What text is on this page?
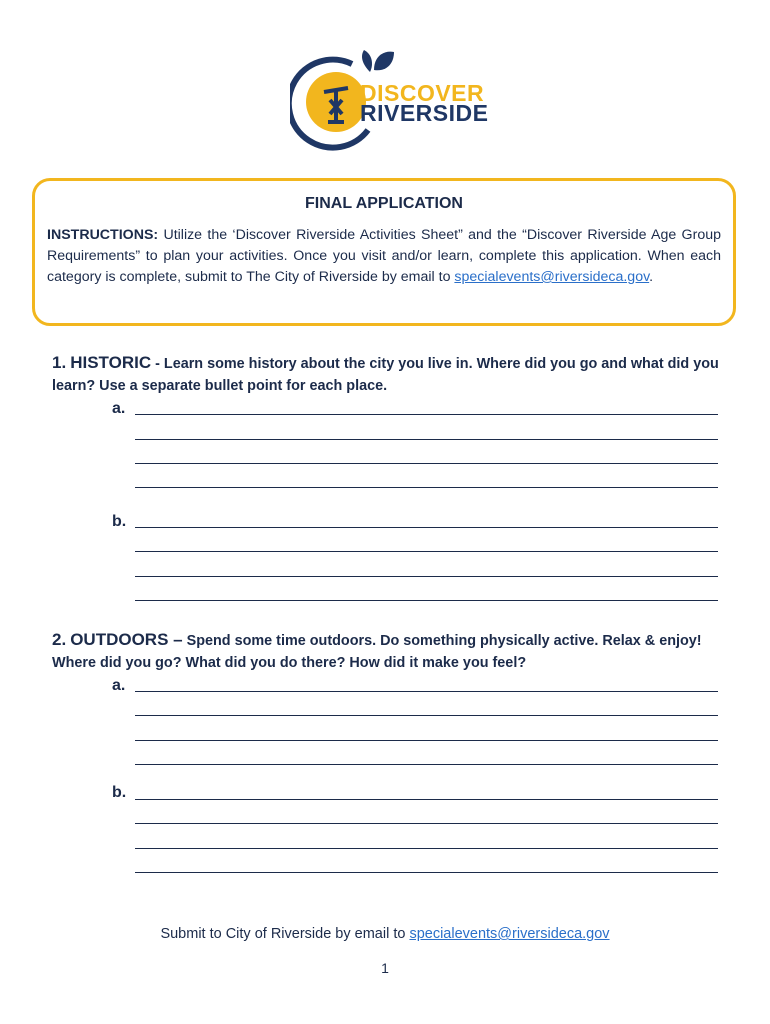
DISCOVER
RIVERSIDE
FINAL APPLICATION
INSTRUCTIONS: Utilize the ‘Discover Riverside Activities Sheet” and the “Discover Riverside Age Group Requirements” to plan your activities. Once you visit and/or learn, complete this application. When each category is complete, submit to The City of Riverside by email to specialevents@riversideca.gov.
1. HISTORIC - Learn some history about the city you live in. Where did you go and what did you learn? Use a separate bullet point for each place.
a.
b.
2. OUTDOORS – Spend some time outdoors. Do something physically active. Relax & enjoy! Where did you go? What did you do there? How did it make you feel?
a.
b.
Submit to City of Riverside by email to specialevents@riversideca.gov
1
